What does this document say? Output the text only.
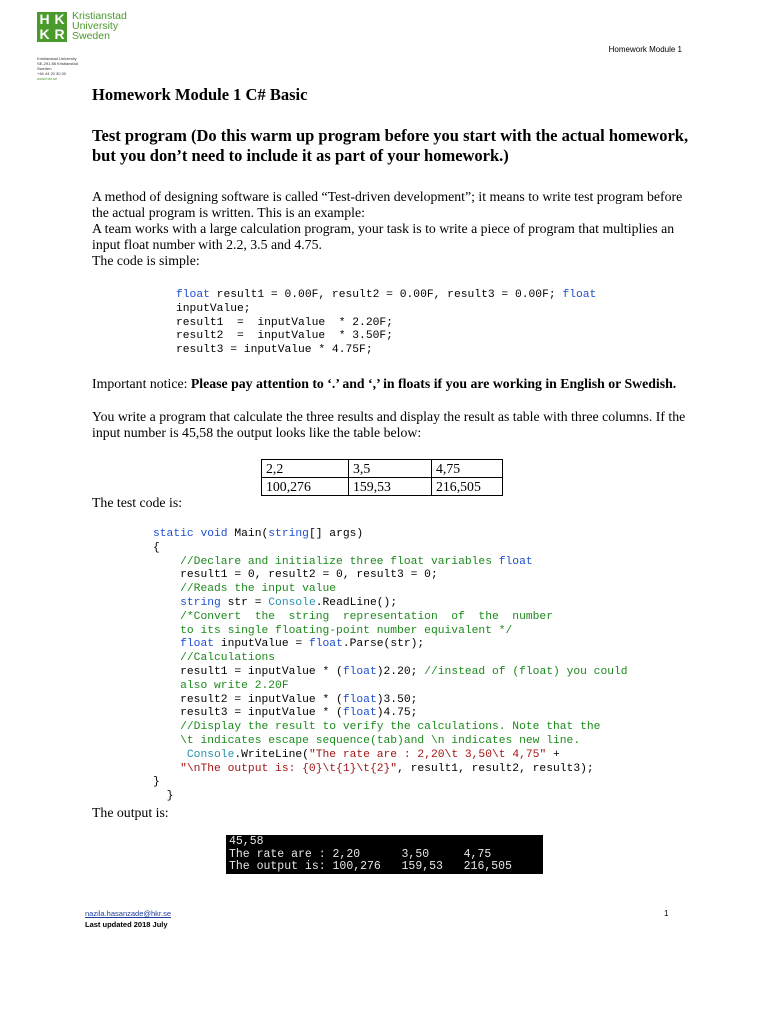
H K
K R
Kristianstad
University
Sweden
Kristianstad University
SE-291 88 Kristianstad
Sweden
+46 44 20 30 00
www.hkr.se
Homework Module 1
Homework Module 1 C# Basic
Test program (Do this warm up program before you start with the actual homework, but you don’t need to include it as part of your homework.)
A method of designing software is called “Test-driven development”; it means to write test program before the actual program is written. This is an example:
A team works with a large calculation program, your task is to write a piece of program that multiplies an input float number with 2.2, 3.5 and 4.75.
The code is simple:
float result1 = 0.00F, result2 = 0.00F, result3 = 0.00F; float
inputValue;
result1  =  inputValue  * 2.20F;
result2  =  inputValue  * 3.50F;
result3 = inputValue * 4.75F;
Important notice: Please pay attention to ‘.’ and ‘,’ in floats if you are working in English or Swedish.
You write a program that calculate the three results and display the result as table with three columns. If the input number is 45,58 the output looks like the table below:
2,2	3,5	4,75
100,276	159,53	216,505
The test code is:
static void Main(string[] args)
{
//Declare and initialize three float variables float
result1 = 0, result2 = 0, result3 = 0;
//Reads the input value
string str = Console.ReadLine();
/*Convert  the  string  representation  of  the  number
to its single floating-point number equivalent */
float inputValue = float.Parse(str);
//Calculations
result1 = inputValue * (float)2.20; //instead of (float) you could
also write 2.20F
result2 = inputValue * (float)3.50;
result3 = inputValue * (float)4.75;
//Display the result to verify the calculations. Note that the
\t indicates escape sequence(tab)and \n indicates new line.
Console.WriteLine("The rate are : 2,20\t 3,50\t 4,75" +
"\nThe output is: {0}\t{1}\t{2}", result1, result2, result3);
}
}
The output is:
45,58
The rate are : 2,20      3,50     4,75
The output is: 100,276   159,53   216,505
nazila.hasanzade@hkr.se
Last updated 2018 July
1
